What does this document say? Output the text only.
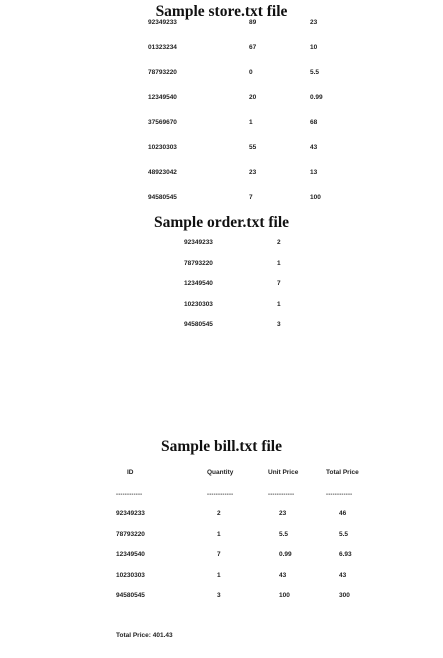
Sample store.txt file
92349233	89	23
01323234	67	10
78793220	0	5.5
12349540	20	0.99
37569670	1	68
10230303	55	43
48923042	23	13
94580545	7	100
Sample order.txt file
92349233	2
78793220	1
12349540	7
10230303	1
94580545	3
Sample bill.txt file
ID	Quantity	Unit Price	Total Price
------------	------------	------------	------------
92349233	2	23	46
78793220	1	5.5	5.5
12349540	7	0.99	6.93
10230303	1	43	43
94580545	3	100	300
Total Price: 401.43
